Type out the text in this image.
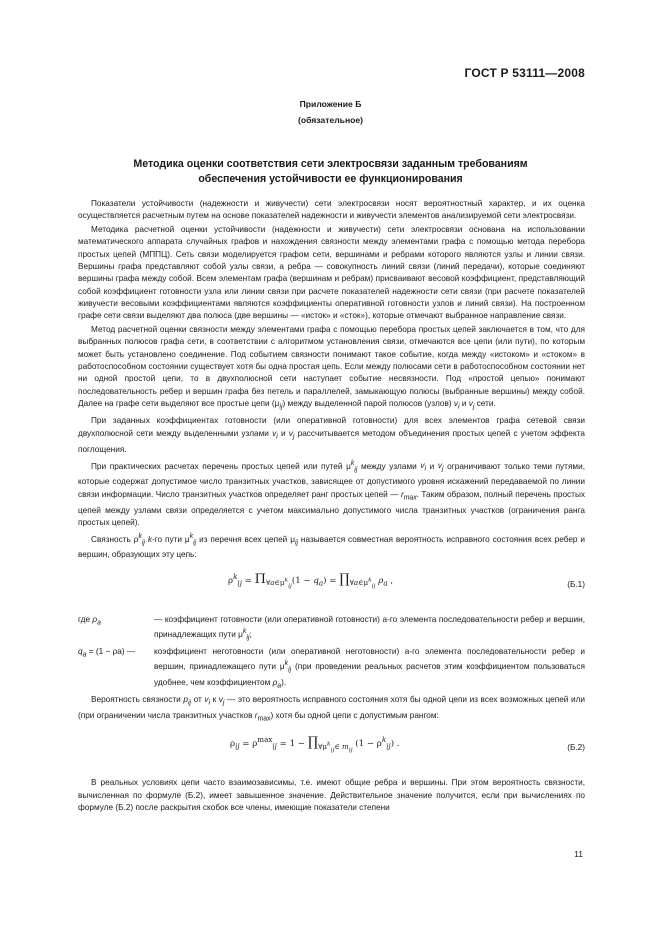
ГОСТ Р 53111—2008
Приложение Б
(обязательное)
Методика оценки соответствия сети электросвязи заданным требованиям
обеспечения устойчивости ее функционирования

Показатели устойчивости (надежности и живучести) сети электросвязи носят вероятностный характер, и их оценка осуществляется расчетным путем на основе показателей надежности и живучести элементов анализируемой сети электросвязи.

Методика расчетной оценки устойчивости (надежности и живучести) сети электросвязи основана на использовании математического аппарата случайных графов и нахождения связности между элементами графа с помощью метода перебора простых цепей (МППЦ). Сеть связи моделируется графом сети, вершинами и ребрами которого являются узлы и линии связи. Вершины графа представляют собой узлы связи, а ребра — совокупность линий связи (линий передачи), которые соединяют вершины графа между собой. Всем элементам графа (вершинам и ребрам) присваивают весовой коэффициент, представляющий собой коэффициент готовности узла или линии связи при расчете показателей надежности сети связи (при расчете показателей живучести весовыми коэффициентами являются коэффициенты оперативной готовности узлов и линий связи). На построенном графе сети связи выделяют два полюса (две вершины — «исток» и «сток»), которые отмечают выбранное направление связи.

Метод расчетной оценки связности между элементами графа с помощью перебора простых цепей заключается в том, что для выбранных полюсов графа сети, в соответствии с алгоритмом установления связи, отмечаются все цепи (или пути), по которым может быть установлено соединение. Под событием связности понимают такое событие, когда между «истоком» и «стоком» в работоспособном состоянии существует хотя бы одна простая цепь. Если между полюсами сети в работоспособном состоянии нет ни одной простой цепи, то в двухполюсной сети наступает событие несвязности. Под «простой цепью» понимают последовательность ребер и вершин графа без петель и параллелей, замыкающую полюсы (выбранные вершины) между собой. Далее на графе сети выделяют все простые цепи $(\mu_{ij})$ между выделенной парой полюсов (узлов) $v_i$ и $v_j$ сети.

При заданных коэффициентах готовности (или оперативной готовности) для всех элементов графа сетевой связи двухполюсной сети между выделенными узлами $v_i$ и $v_j$ рассчитывается методом объединения простых цепей с учетом эффекта поглощения.

При практических расчетах перечень простых цепей или путей $\mu^k_{ij}$ между узлами $v_i$ и $v_j$ ограничивают только теми путями, которые содержат допустимое число транзитных участков, зависящее от допустимого уровня искажений передаваемой по линии связи информации. Число транзитных участков определяет ранг простых цепей — $r_{max}$. Таким образом, полный перечень простых цепей между узлами связи определяется с учетом максимально допустимого числа транзитных участков (ограничения ранга простых цепей).

Связность $\rho^k_{ij}$ k-го пути $\mu^k_{ij}$ из перечня всех цепей $\mu_{ij}$ называется совместная вероятность исправного состояния всех ребер и вершин, образующих эту цепь:

$\rho^k_{ij} = \Pi_{\forall a\in\mu^k_{ij}}(1 - q_a)$ = $\prod_{\forall a\in\mu^k_{ij}}$ $\rho_a$ ,	(Б.1)
где $\rho_a$	— коэффициент готовности (или оперативной готовности) a-го элемента последовательности ребер и вершин, принадлежащих пути $\mu^k_{ij}$;
$q_a = (1 - \rho a)$ —	коэффициент неготовности (или оперативной неготовности) a-го элемента последовательности ребер и вершин, принадлежащего пути $\mu^k_{ij}$ (при проведении реальных расчетов этим коэффициентом пользоваться удобнее, чем коэффициентом $\rho_a$).

Вероятность связности $p_{ij}$ от $v_i$ к $v_j$ — это вероятность исправного состояния хотя бы одной цепи из всех возможных цепей или (при ограничении числа транзитных участков $r_{max}$) хотя бы одной цепи с допустимым рангом:

$\rho_{ij} = \rho^{max}_{ij} = 1$ − $\prod_{\forall\mu^k_{ij}\in m_{ij}}$ $(1 - \rho^k_{ij})$ .	(Б.2)

В реальных условиях цепи часто взаимозависимы, т.е. имеют общие ребра и вершины. При этом вероятность связности, вычисленная по формуле (Б.2), имеет завышенное значение. Действительное значение получится, если при вычислениях по формуле (Б.2) после раскрытия скобок все члены, имеющие показатели степени

11
